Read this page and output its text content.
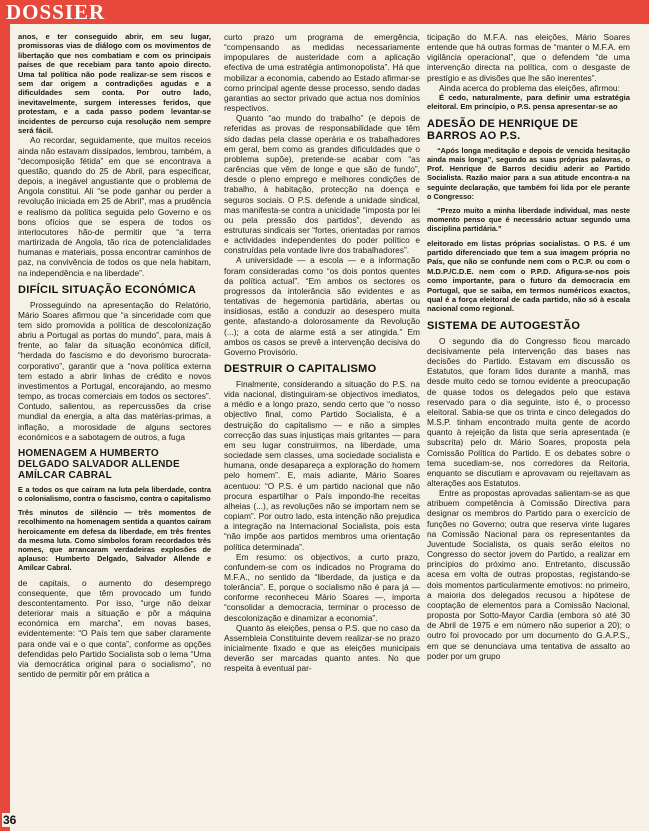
DOSSIER
36

anos, e ter conseguido abrir, em seu lugar, promissoras vias de diálogo com os movimentos de libertação que nos combatiam e com os principais países de que recebiam para tanto apoio directo. Uma tal política não pode realizar-se sem riscos e sem dar origem a contradições agudas e a dificuldades sem conta. Por outro lado, inevitavelmente, surgem interesses feridos, que protestam, e a cada passo podem levantar-se incidentes de percurso cuja resolução nem sempre será fácil.

Ao recordar, seguidamente, que muitos receios ainda não estavam dissipados, lembrou, também, a “decomposição fétida” em que se encontrava a questão, quando do 25 de Abril, para especificar, depois, a inegável angustiante que o problema de Angola constitui. Ali “se pode ganhar ou perder a revolução iniciada em 25 de Abril”, mas a prudência e realismo da política seguida pelo Governo e os bons ofícios que se espera de todos os interlocutores hão-de permitir que “a terra martirizada de Angola, tão rica de potencialidades humanas e materiais, possa encontrar caminhos de paz, na convivência de todos os que nela habitam, na independência e na liberdade”.

DIFÍCIL SITUAÇÃO ECONÓMICA

Prosseguindo na apresentação do Relatório, Mário Soares afirmou que “a sinceridade com que tem sido promovida a política de descolonização abriu a Portugal as portas do mundo”, para, mais à frente, ao falar da situação económica difícil, “herdada do fascismo e do devorismo burocrata-corporativo”, garantir que a “nova política externa tem estado a abrir linhas de crédito e novos investimentos a Portugal, encorajando, ao mesmo tempo, as trocas comerciais em todos os sectores”. Contudo, salientou, as repercussões da crise mundial da energia, a alta das matérias-primas, a inflação, a morosidade de alguns sectores económicos e a sabotagem de outros, a fuga

HOMENAGEM A HUMBERTO DELGADO SALVADOR ALLENDE AMÍLCAR CABRAL

E a todos os que caíram na luta pela liberdade, contra o colonialismo, contra o fascismo, contra o capitalismo

Três minutos de silêncio — três momentos de recolhimento na homenagem sentida a quantos caíram heroicamente em defesa da liberdade, em três frentes da mesma luta. Como símbolos foram recordados três nomes, que arrancaram verdadeiras explosões de aplauso: Humberto Delgado, Salvador Allende e Amílcar Cabral.

de capitais, o aumento do desemprego consequente, que têm provocado um fundo descontentamento. Por isso, “urge não deixar deteriorar mais a situação e pôr a máquina económica em marcha”, em novas bases, evidentemente: “O País tem que saber claramente para onde vai e o que conta”, conforme as opções defendidas pelo Partido Socialista sob o lema “Uma via democrática original para o socialismo”, no sentido de permitir pôr em prática a

curto prazo um programa de emergência, “compensando as medidas necessariamente impopulares de austeridade com a aplicação efectiva de uma estratégia antimonopolista”. Há que mobilizar a economia, cabendo ao Estado afirmar-se como principal agente desse processo, sendo dadas garantias ao sector privado que actua nos domínios respectivos.

Quanto “ao mundo do trabalho” (e depois de referidas as provas de responsabilidade que têm sido dadas pela classe operária e os trabalhadores em geral, bem como as grandes dificuldades que o problema supõe), pretende-se acabar com “as carências que vêm de longe e que são de fundo”, desde o pleno emprego e melhores condições de trabalho, à habitação, protecção na doença e seguros sociais. O P.S. defende a unidade sindical, mas manifesta-se contra a unicidade “imposta por lei ou pela pressão dos partidos”, devendo as estruturas sindicais ser “fortes, orientadas por ramos e actividades independentes do poder político e construídas pela vontade livre dos trabalhadores”.

A universidade — a escola — e a informação foram consideradas como “os dois pontos quentes da política actual”. “Em ambos os sectores os progressos da intolerância são evidentes e as tentativas de hegemonia partidária, abertas ou insidiosas, estão a conduzir ao desespero muita gente, afastando-a dolorosamente da Revolução (...); a cota de alarme está a ser atingida.” Em ambos os casos se prevê a intervenção decisiva do Governo Provisório.

DESTRUIR O CAPITALISMO

Finalmente, considerando a situação do P.S. na vida nacional, distinguiram-se objectivos imediatos, a médio e a longo prazo, sendo certo que “o nosso objectivo final, como Partido Socialista, é a destruição do capitalismo — e não a simples correcção das suas injustiças mais gritantes — para em seu lugar construirmos, na liberdade, uma sociedade sem classes, uma sociedade socialista e humana, onde desapareça a exploração do homem pelo homem”. E, mais adiante, Mário Soares acentuou: “O P.S. é um partido nacional que não procura espartilhar o País impondo-lhe receitas alheias (...), as revoluções não se importam nem se copiam”. Por outro lado, esta intenção não prejudica a integração na Internacional Socialista, pois esta “não impõe aos partidos membros uma orientação política determinada”.

Em resumo: os objectivos, a curto prazo, confundem-se com os indicados no Programa do M.F.A., no sentido da “liberdade, da justiça e da tolerância”. E, porque o socialismo não é para já — conforme reconheceu Mário Soares —, importa “consolidar a democracia, terminar o processo de descolonização e dinamizar a economia”.

Quanto às eleições, pensa o P.S. que no caso da Assembleia Constituinte devem realizar-se no prazo inicialmente fixado e que as eleições municipais deverão ser marcadas quanto antes. No que respeita à eventual par-

ticipação do M.F.A. nas eleições, Mário Soares entende que há outras formas de “manter o M.F.A. em vigilância operacional”, que o defendem “de uma intervenção directa na política, com o desgaste de prestígio e as divisões que lhe são inerentes”.

Ainda acerca do problema das eleições, afirmou:

É cedo, naturalmente, para definir uma estratégia eleitoral. Em princípio, o P.S. pensa apresentar-se ao

ADESÃO DE HENRIQUE DE BARROS AO P.S.

“Após longa meditação e depois de vencida hesitação ainda mais longa”, segundo as suas próprias palavras, o Prof. Henrique de Barros decidiu aderir ao Partido Socialista. Razão maior para a sua atitude encontra-a na seguinte declaração, que também foi lida por ele perante o Congresso:

“Prezo muito a minha liberdade individual, mas neste momento penso que é necessário actuar segundo uma disciplina partidária.”

eleitorado em listas próprias socialistas. O P.S. é um partido diferenciado que tem a sua imagem própria no País, que não se confunde nem com o P.C.P. ou com o M.D.P./C.D.E. nem com o P.P.D. Afigura-se-nos pois como importante, para o futuro da democracia em Portugal, que se saiba, em termos numéricos exactos, qual é a força eleitoral de cada partido, não só à escala nacional como regional.

SISTEMA DE AUTOGESTÃO

O segundo dia do Congresso ficou marcado decisivamente pela intervenção das bases nas decisões do Partido. Estavam em discussão os Estatutos, que foram lidos durante a manhã, mas desde muito cedo se tornou evidente a preocupação de quase todos os delegados pelo que estava reservado para o dia seguinte, isto é, o processo eleitoral. Sabia-se que os trinta e cinco delegados do M.S.P. tinham encontrado muita gente de acordo quanto à rejeição da lista que seria apresentada (e subscrita) pelo dr. Mário Soares, proposta pela Comissão Política do Partido. E os debates sobre o tema sucediam-se, nos corredores da Reitoria, enquanto se discutiam e aprovavam ou rejeitavam as alterações aos Estatutos.

Entre as propostas aprovadas salientam-se as que atribuem competência à Comissão Directiva para designar os membros do Partido para o exercício de funções no Governo; outra que reserva vinte lugares na Comissão Nacional para os representantes da Juventude Socialista, os quais serão eleitos no Congresso do sector jovem do Partido, a realizar em princípios do próximo ano. Entretanto, discussão acesa em volta de outras propostas, registando-se dois momentos particularmente emotivos: no primeiro, a maioria dos delegados recusou a hipótese de cooptação de elementos para a Comissão Nacional, proposta por Sotto-Mayor Cardia (embora só até 30 de Abril de 1975 e em número não superior a 20); o outro foi provocado por um documento do G.A.P.S., em que se denunciava uma tentativa de assalto ao poder por um grupo
